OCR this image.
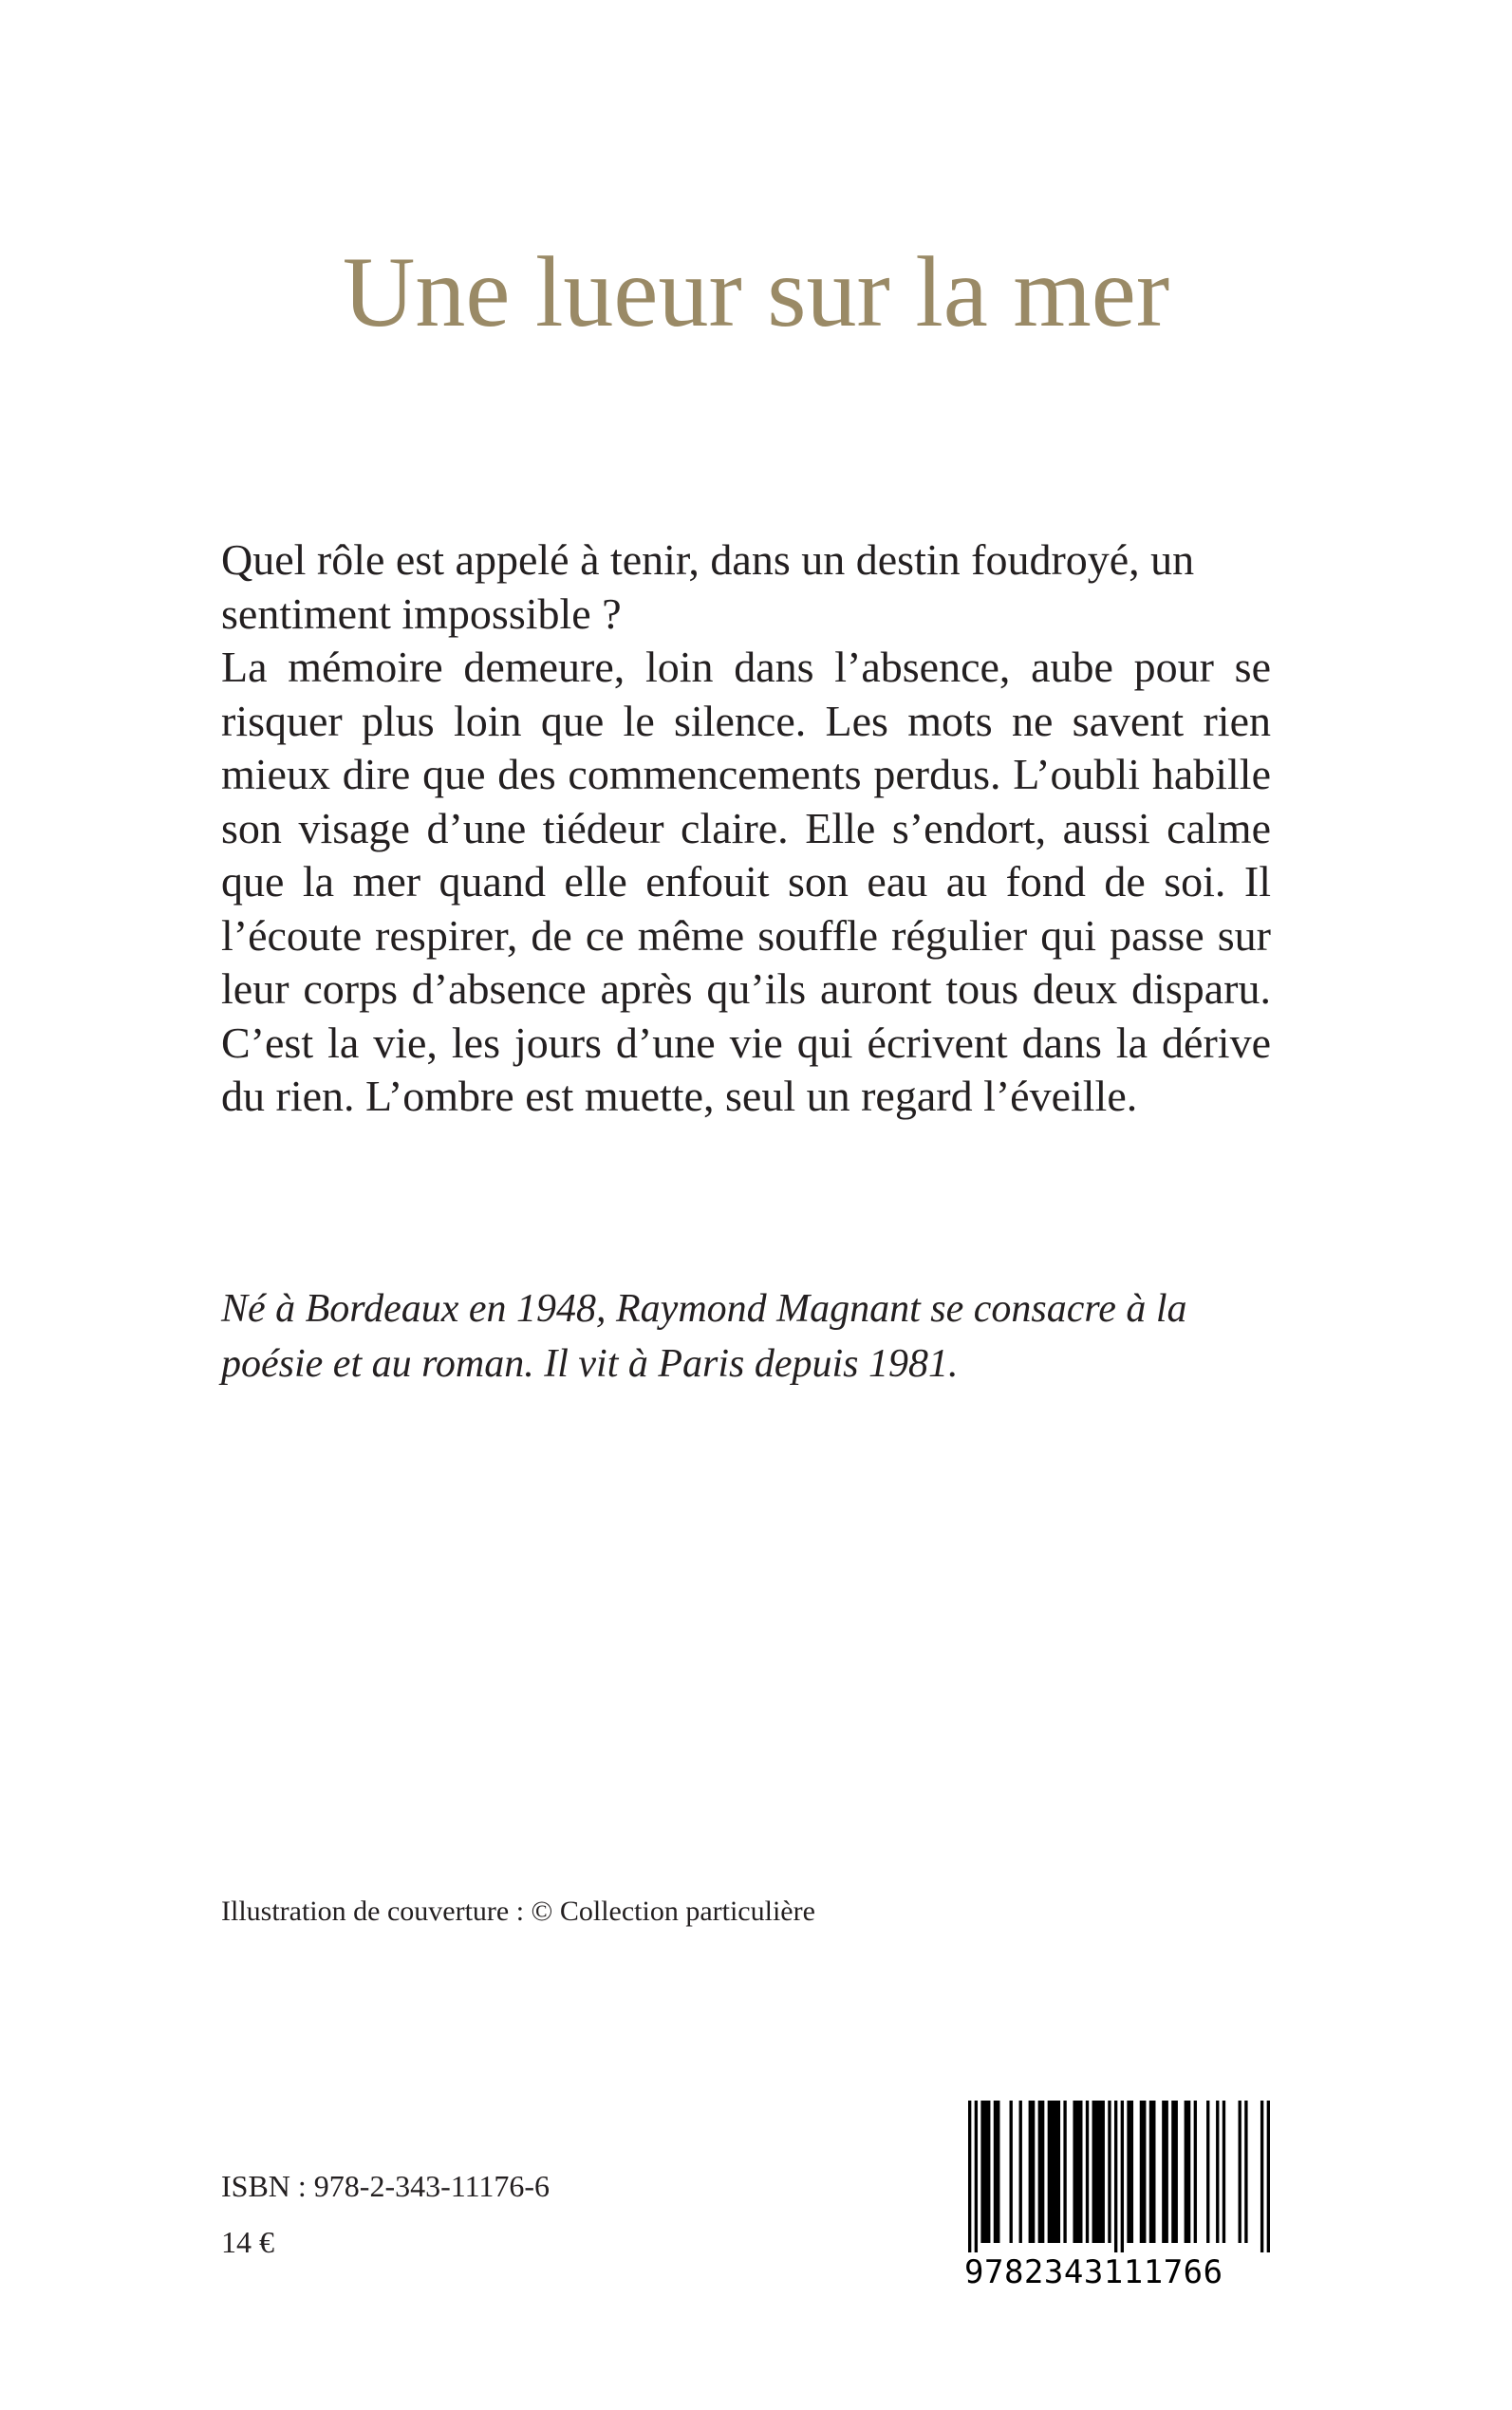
Une lueur sur la mer

Quel rôle est appelé à tenir, dans un destin foudroyé, un sentiment impossible ?

La mémoire demeure, loin dans l’absence, aube pour se risquer plus loin que le silence. Les mots ne savent rien mieux dire que des commencements perdus. L’oubli habille son visage d’une tiédeur claire. Elle s’endort, aussi calme que la mer quand elle enfouit son eau au fond de soi. Il l’écoute respirer, de ce même souffle régulier qui passe sur leur corps d’absence après qu’ils auront tous deux disparu. C’est la vie, les jours d’une vie qui écrivent dans la dérive du rien. L’ombre est muette, seul un regard l’éveille.

Né à Bordeaux en 1948, Raymond Magnant se consacre à la poésie et au roman. Il vit à Paris depuis 1981.

Illustration de couverture : © Collection particulière

ISBN : 978-2-343-11176-6

14 €

9782343111766
